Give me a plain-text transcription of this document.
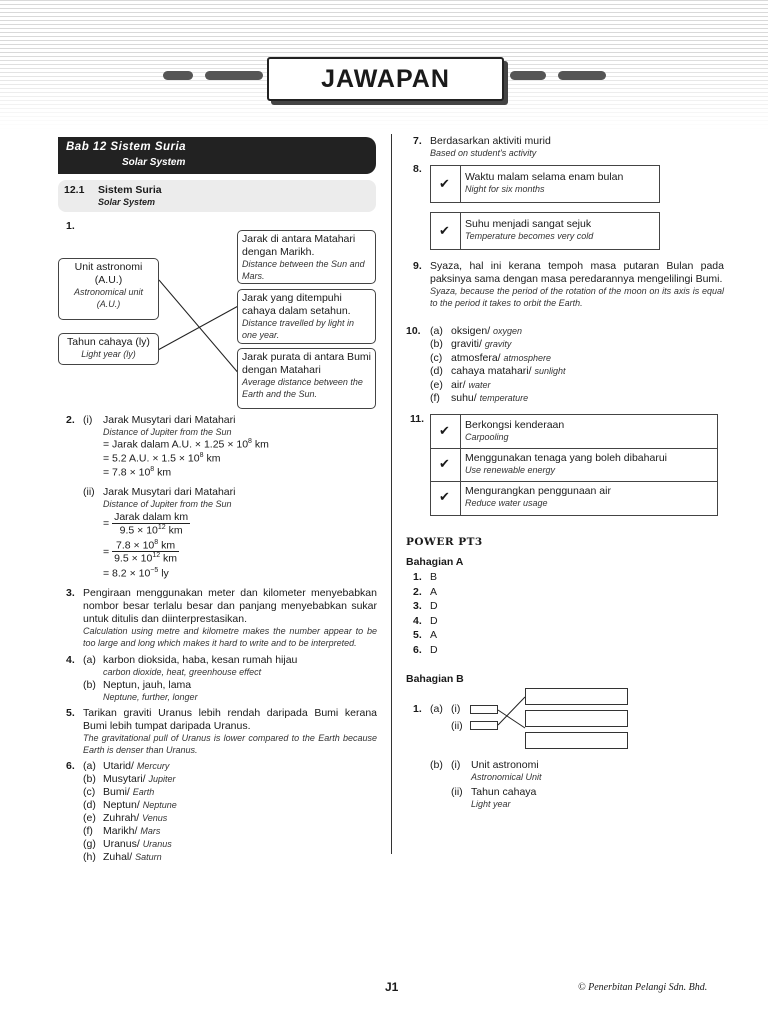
JAWAPAN
Bab 12 Sistem Suria
Solar System
12.1 Sistem Suria
Solar System
1.

Unit astronomi

(A.U.)

Astronomical unit

(A.U.)

Tahun cahaya (ly)

Light year (ly)

Jarak di antara Matahari dengan Marikh.

Distance between the Sun and Mars.

Jarak yang ditempuhi cahaya dalam setahun.

Distance travelled by light in one year.

Jarak purata di antara Bumi dengan Matahari

Average distance between the Earth and the Sun.

2. (i) Jarak Musytari dari Matahari

Distance of Jupiter from the Sun

= Jarak dalam A.U. × $1.25 \times 10^8$ km

= 5.2 A.U. × $1.5 \times 10^8$ km

= $7.8 \times 10^8$ km

(ii) Jarak Musytari dari Matahari

Distance of Jupiter from the Sun

= $\frac{\text{Jarak dalam km}}{9.5 \times 10^{12} km}$
= $\frac{7.8 \times 10^8 km}{9.5 \times 10^{12} km}$

= $8.2 \times 10^{-5}$ ly

3. Pengiraan menggunakan meter dan kilometer menyebabkan nombor besar terlalu besar dan panjang menyebabkan sukar untuk ditulis dan diinterprestasikan.

Calculation using metre and kilometre makes the number appear to be too large and long which makes it hard to write and to be interpreted.

4. (a) karbon dioksida, haba, kesan rumah hijau

carbon dioxide, heat, greenhouse effect

(b) Neptun, jauh, lama

Neptune, further, longer

5. Tarikan graviti Uranus lebih rendah daripada Bumi kerana Bumi lebih tumpat daripada Uranus.

The gravitational pull of Uranus is lower compared to the Earth because Earth is denser than Uranus.

6. (a) Utarid/ Mercury
(b) Musytari/ Jupiter
(c) Bumi/ Earth
(d) Neptun/ Neptune
(e) Zuhrah/ Venus
(f) Marikh/ Mars
(g) Uranus/ Uranus
(h) Zuhal/ Saturn
7. Berdasarkan aktiviti murid

Based on student's activity

8.
✔ Waktu malam selama enam bulan

Night for six months

✔ Suhu menjadi sangat sejuk

Temperature becomes very cold

9. Syaza, hal ini kerana tempoh masa putaran Bulan pada paksinya sama dengan masa peredarannya mengelilingi Bumi.

Syaza, because the period of the rotation of the moon on its axis is equal to the period it takes to orbit the Earth.

10. (a) oksigen/ oxygen
(b) graviti/ gravity
(c) atmosfera/ atmosphere
(d) cahaya matahari/ sunlight
(e) air/ water
(f) suhu/ temperature
11.
✔ Berkongsi kenderaan

Carpooling

✔ Menggunakan tenaga yang boleh dibaharui

Use renewable energy

✔ Mengurangkan penggunaan air

Reduce water usage

POWER PT3
Bahagian A
1. B
2. A
3. D
4. D
5. A
6. D
Bahagian B
1. (a) (i)
(ii)
(b) (i) Unit astronomi

Astronomical Unit

(ii) Tahun cahaya

Light year

J1	© Penerbitan Pelangi Sdn. Bhd.
